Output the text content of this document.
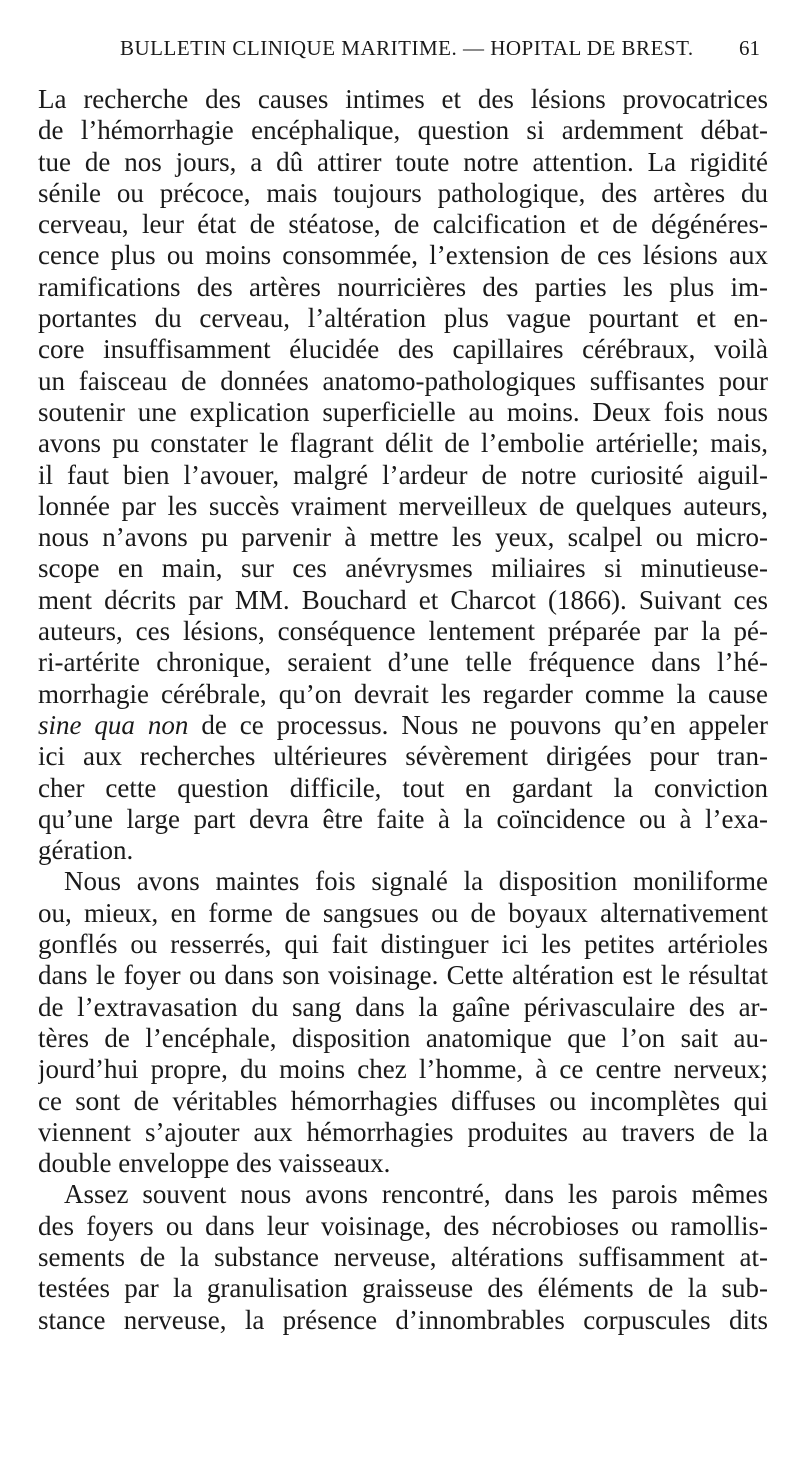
BULLETIN CLINIQUE MARITIME. — HOPITAL DE BREST. 61
La recherche des causes intimes et des lésions provocatrices
de l’hémorrhagie encéphalique, question si ardemment débat-
tue de nos jours, a dû attirer toute notre attention. La rigidité
sénile ou précoce, mais toujours pathologique, des artères du
cerveau, leur état de stéatose, de calcification et de dégénéres-
cence plus ou moins consommée, l’extension de ces lésions aux
ramifications des artères nourricières des parties les plus im-
portantes du cerveau, l’altération plus vague pourtant et en-
core insuffisamment élucidée des capillaires cérébraux, voilà
un faisceau de données anatomo-pathologiques suffisantes pour
soutenir une explication superficielle au moins. Deux fois nous
avons pu constater le flagrant délit de l’embolie artérielle; mais,
il faut bien l’avouer, malgré l’ardeur de notre curiosité aiguil-
lonnée par les succès vraiment merveilleux de quelques auteurs,
nous n’avons pu parvenir à mettre les yeux, scalpel ou micro-
scope en main, sur ces anévrysmes miliaires si minutieuse-
ment décrits par MM. Bouchard et Charcot (1866). Suivant ces
auteurs, ces lésions, conséquence lentement préparée par la pé-
ri-artérite chronique, seraient d’une telle fréquence dans l’hé-
morrhagie cérébrale, qu’on devrait les regarder comme la cause
sine qua non de ce processus. Nous ne pouvons qu’en appeler
ici aux recherches ultérieures sévèrement dirigées pour tran-
cher cette question difficile, tout en gardant la conviction
qu’une large part devra être faite à la coïncidence ou à l’exa-
gération.
Nous avons maintes fois signalé la disposition moniliforme
ou, mieux, en forme de sangsues ou de boyaux alternativement
gonflés ou resserrés, qui fait distinguer ici les petites artérioles
dans le foyer ou dans son voisinage. Cette altération est le résultat
de l’extravasation du sang dans la gaîne périvasculaire des ar-
tères de l’encéphale, disposition anatomique que l’on sait au-
jourd’hui propre, du moins chez l’homme, à ce centre nerveux;
ce sont de véritables hémorrhagies diffuses ou incomplètes qui
viennent s’ajouter aux hémorrhagies produites au travers de la
double enveloppe des vaisseaux.
Assez souvent nous avons rencontré, dans les parois mêmes
des foyers ou dans leur voisinage, des nécrobioses ou ramollis-
sements de la substance nerveuse, altérations suffisamment at-
testées par la granulisation graisseuse des éléments de la sub-
stance nerveuse, la présence d’innombrables corpuscules dits
